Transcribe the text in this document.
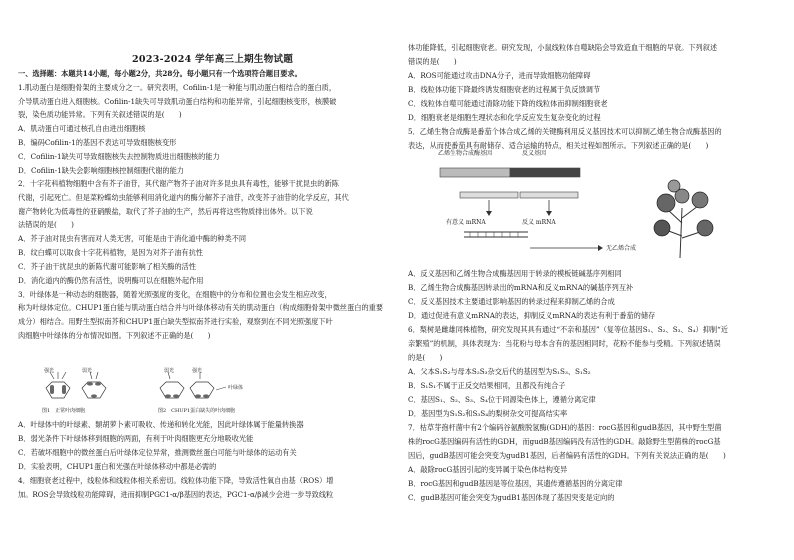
2023-2024 学年高三上期生物试题
一、选择题：本题共14小题，每小题2分，共28分。每小题只有一个选项符合题目要求。
1.肌动蛋白是细胞骨架的主要成分之一。研究表明，Cofilin-1是一种能与肌动蛋白相结合的蛋白质，
介导肌动蛋白进入细胞核。Cofilin-1缺失可导致肌动蛋白结构和功能异常，引起细胞核变形，核膜破
裂，染色质功能异常。下列有关叙述错误的是(　　)
A．肌动蛋白可通过核孔自由进出细胞核
B．编码Cofilin-1的基因不表达可导致细胞核变形
C．Cofilin-1缺失可导致细胞核失去控制物质进出细胞核的能力
D．Cofilin-1缺失会影响细胞核控制细胞代谢的能力
2．十字花科植物细胞中含有芥子油苷，其代谢产物芥子油对许多昆虫具有毒性，能够干扰昆虫的新陈
代谢，引起死亡。但是菜粉蝶幼虫能够利用消化道内的酶分解芥子油苷，改变芥子油苷的化学反应，其代
谢产物转化为低毒性的亚硝酸盐，取代了芥子油的生产，然后再将这些物质排出体外。以下说
法错误的是(　　)
A．芥子油对昆虫有害而对人类无害，可能是由于消化道中酶的种类不同
B．纹白蝶可以取食十字花科植物，是因为对芥子油有抗性
C．芥子油干扰昆虫的新陈代谢可能影响了相关酶的活性
D．消化道内的酶仍然有活性，说明酶可以在细胞外起作用
3．叶绿体是一种动态的细胞器，随着光照强度的变化，在细胞中的分布和位置也会发生相应改变，
称为叶绿体定位。CHUP1蛋白能与肌动蛋白结合并与叶绿体移动有关的肌动蛋白（构成细胞骨架中微丝蛋白的重要
成分）相结合。用野生型拟南芥和CHUP1蛋白缺失型拟南芥进行实验，观察到在不同光照强度下叶
肉细胞中叶绿体的分布情况如图。下列叙述不正确的是(　　)
A．叶绿体中的叶绿素、類胡萝卜素可吸收、传递和转化光能，因此叶绿体属于能量转换器
B．弱光条件下叶绿体移到细胞的两面，有利于叶肉细胞更充分地吸收光能
C．若破坏细胞中的微丝蛋白后叶绿体定位异常，推测微丝蛋白可能与叶绿体的运动有关
D．实验表明，CHUP1蛋白和光强在叶绿体移动中都是必需的
4．细胞衰老过程中，线粒体和线粒体相关系密切。线粒体功能下降，导致活性氧自由基（ROS）增
加。ROS会导致线粒功能障碍，进而抑制PGC1-α/β基因的表达，PGC1-α/β减少会进一步导致线粒
强光	弱光	弱光	强光
叶绿体
图1　正常叶肉细胞	图2　CHUP1蛋白缺失的叶肉细胞
体功能降低，引起细胞衰老。研究发现，小鼠线粒体自噬缺陷会导致造血干细胞的早衰。下列叙述
错误的是(　　)
A．ROS可能通过攻击DNA分子，进而导致细胞功能障碍
B．线粒体功能下降最终诱发细胞衰老的过程属于负反馈调节
C．线粒体自噬可能通过清除功能下降的线粒体而抑制细胞衰老
D．细胞衰老是细胞生理状态和化学反应发生复杂变化的过程
5．乙烯生物合成酶是番茄个体合成乙烯的关键酶利用反义基因技术可以抑制乙烯生物合成酶基因的
表达，从而使番茄具有耐储存、适合运输的特点，相关过程如图所示。下列叙述正确的是(　　)
A．反义基因和乙烯生物合成酶基因用于转录的模板链碱基序列相同
B．乙烯生物合成酶基因转录出的mRNA和反义mRNA的碱基序列互补
C．反义基因技术主要通过影响基因的转录过程来抑制乙烯的合成
D．通过促进有意义mRNA的表达，抑制反义mRNA的表达有利于番茄的储存
6．梨树是雌雄同株植物，研究发现其具有通过“不亲和基因”（复等位基因S₁、S₂、S₃、S₄）抑制“近
亲繁殖”的机制，具体表现为：当花粉与母本含有的基因相同时，花粉不能参与受精。下列叙述错误
的是(　　)
A．父本S₁S₂与母本S₂S₃杂交后代的基因型为S₁S₃、S₁S₂
B．S₁S₁不属于正反交结果相同，且都没有纯合子
C．基因S₁、S₂、S₃、S₄位于同源染色体上，遵循分离定律
D．基因型为S₁S₂和S₃S₄的梨树杂交可提高结实率
7．枯草芽孢杆菌中有2个编码谷氨酸脱氢酶(GDH)的基因：rocG基因和gudB基因，其中野生型菌
株的rocG基因编码有活性的GDH，而gudB基因编码没有活性的GDH。敲除野生型菌株的rocG基
因后，gudB基因可能会突变为gudB1基因，后者编码有活性的GDH。下列有关说法正确的是(　　)
A．敲除rocG基因引起的变异属于染色体结构变异
B．rocG基因和gudB基因是等位基因，其遗传遵循基因的分离定律
C．gudB基因可能会突变为gudB1基因体现了基因突变是定向的
乙烯生物合成酶基因	反义基因
有意义 mRNA	反义 mRNA
无乙烯合成
